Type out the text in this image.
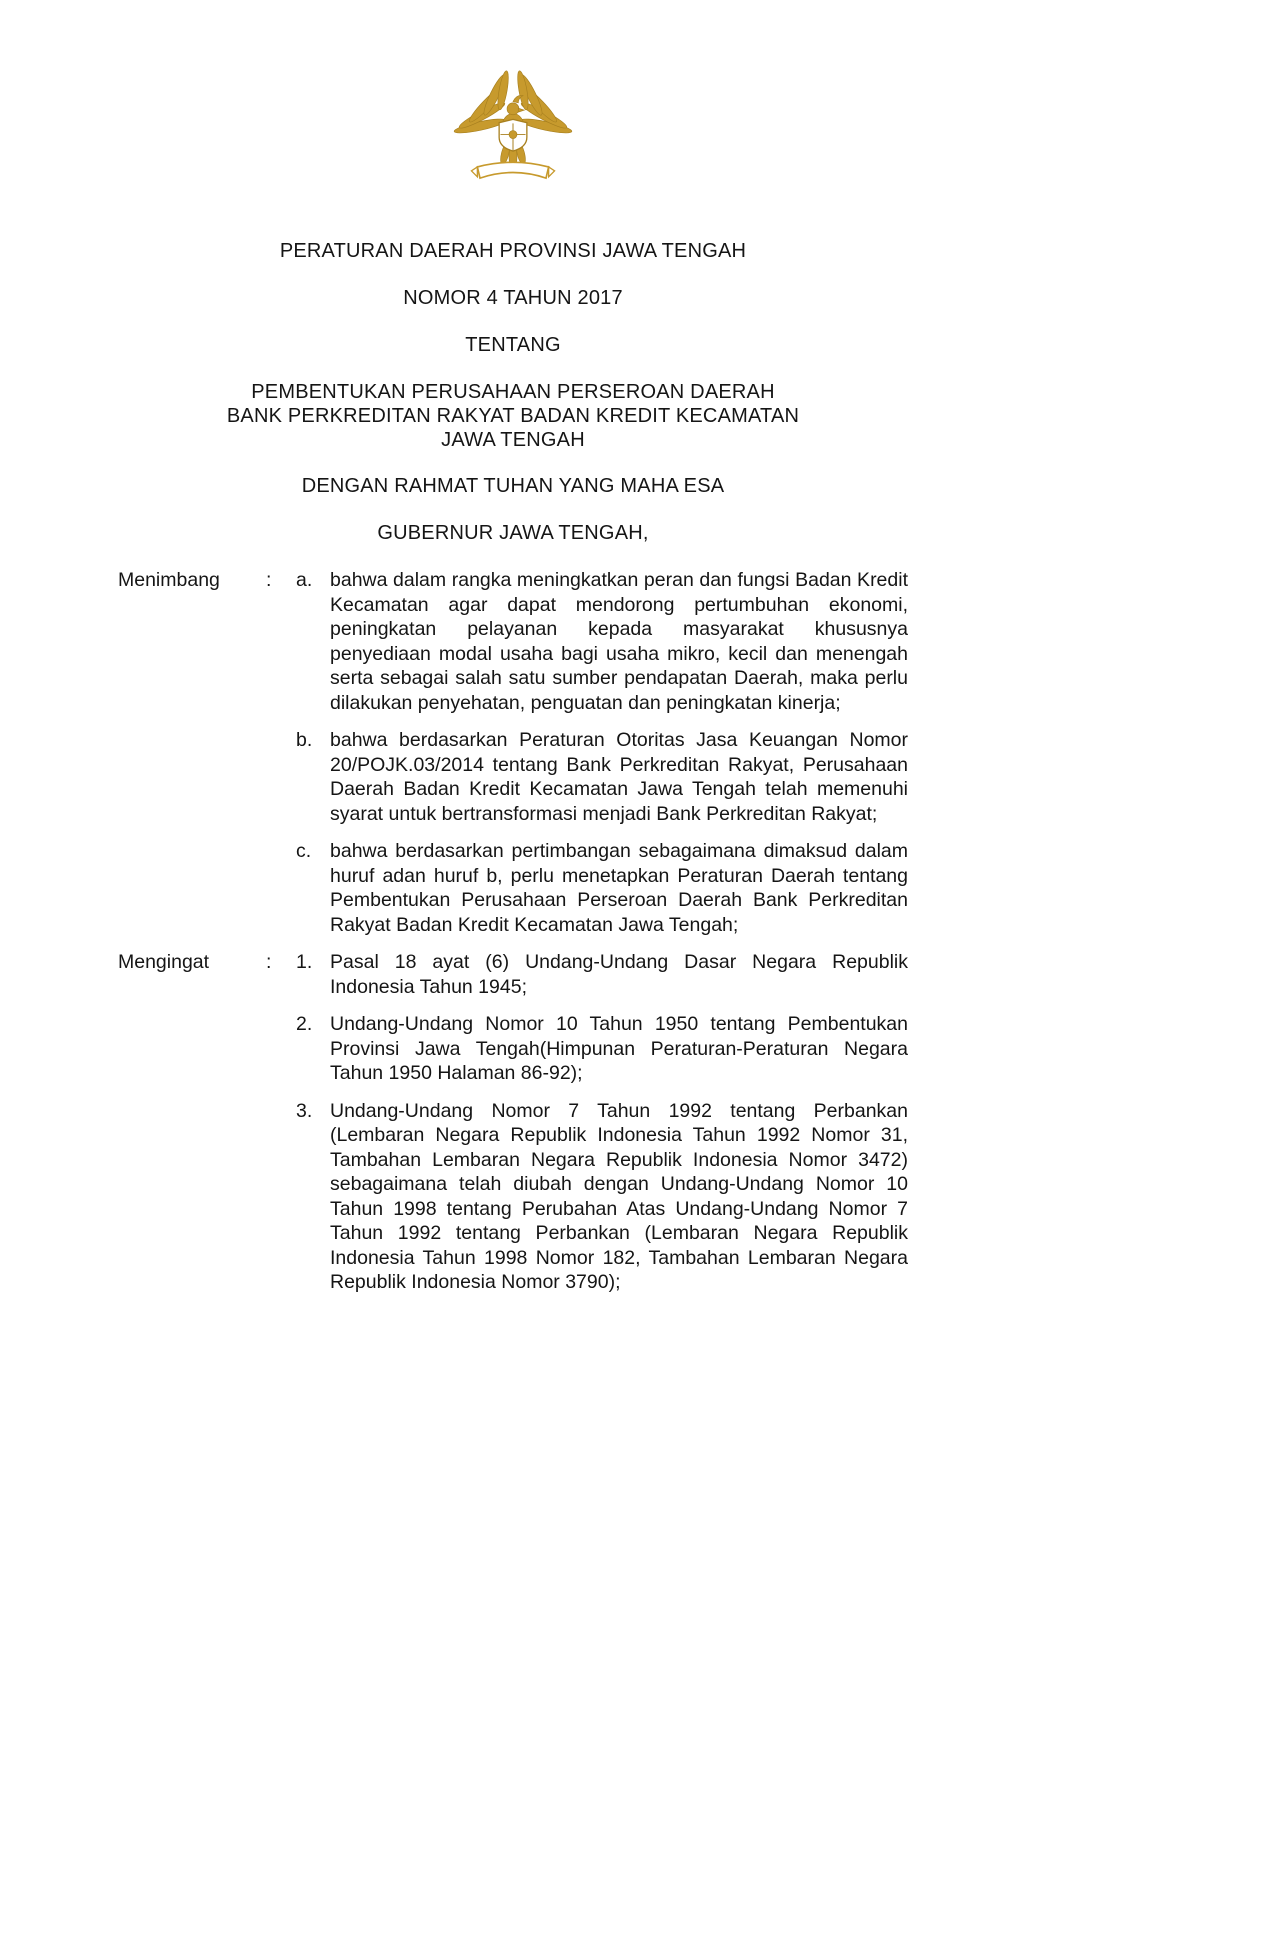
PERATURAN DAERAH PROVINSI JAWA TENGAH
NOMOR 4 TAHUN 2017
TENTANG
PEMBENTUKAN PERUSAHAAN PERSEROAN DAERAH
BANK PERKREDITAN RAKYAT BADAN KREDIT KECAMATAN
JAWA TENGAH
DENGAN RAHMAT TUHAN YANG MAHA ESA
GUBERNUR JAWA TENGAH,
Menimbang	:	a. bahwa dalam rangka meningkatkan peran dan fungsi Badan Kredit Kecamatan agar dapat mendorong pertumbuhan ekonomi, peningkatan pelayanan kepada masyarakat khususnya penyediaan modal usaha bagi usaha mikro, kecil dan menengah serta sebagai salah satu sumber pendapatan Daerah, maka perlu dilakukan penyehatan, penguatan dan peningkatan kinerja;
b. bahwa berdasarkan Peraturan Otoritas Jasa Keuangan Nomor 20/POJK.03/2014 tentang Bank Perkreditan Rakyat, Perusahaan Daerah Badan Kredit Kecamatan Jawa Tengah telah memenuhi syarat untuk bertransformasi menjadi Bank Perkreditan Rakyat;
c. bahwa berdasarkan pertimbangan sebagaimana dimaksud dalam huruf adan huruf b, perlu menetapkan Peraturan Daerah tentang Pembentukan Perusahaan Perseroan Daerah Bank Perkreditan Rakyat Badan Kredit Kecamatan Jawa Tengah;
Mengingat	:	1. Pasal 18 ayat (6) Undang-Undang Dasar Negara Republik Indonesia Tahun 1945;
2. Undang-Undang Nomor 10 Tahun 1950 tentang Pembentukan Provinsi Jawa Tengah(Himpunan Peraturan-Peraturan Negara Tahun 1950 Halaman 86-92);
3. Undang-Undang Nomor 7 Tahun 1992 tentang Perbankan (Lembaran Negara Republik Indonesia Tahun 1992 Nomor 31, Tambahan Lembaran Negara Republik Indonesia Nomor 3472) sebagaimana telah diubah dengan Undang-Undang Nomor 10 Tahun 1998 tentang Perubahan Atas Undang-Undang Nomor 7 Tahun 1992 tentang Perbankan (Lembaran Negara Republik Indonesia Tahun 1998 Nomor 182, Tambahan Lembaran Negara Republik Indonesia Nomor 3790);
